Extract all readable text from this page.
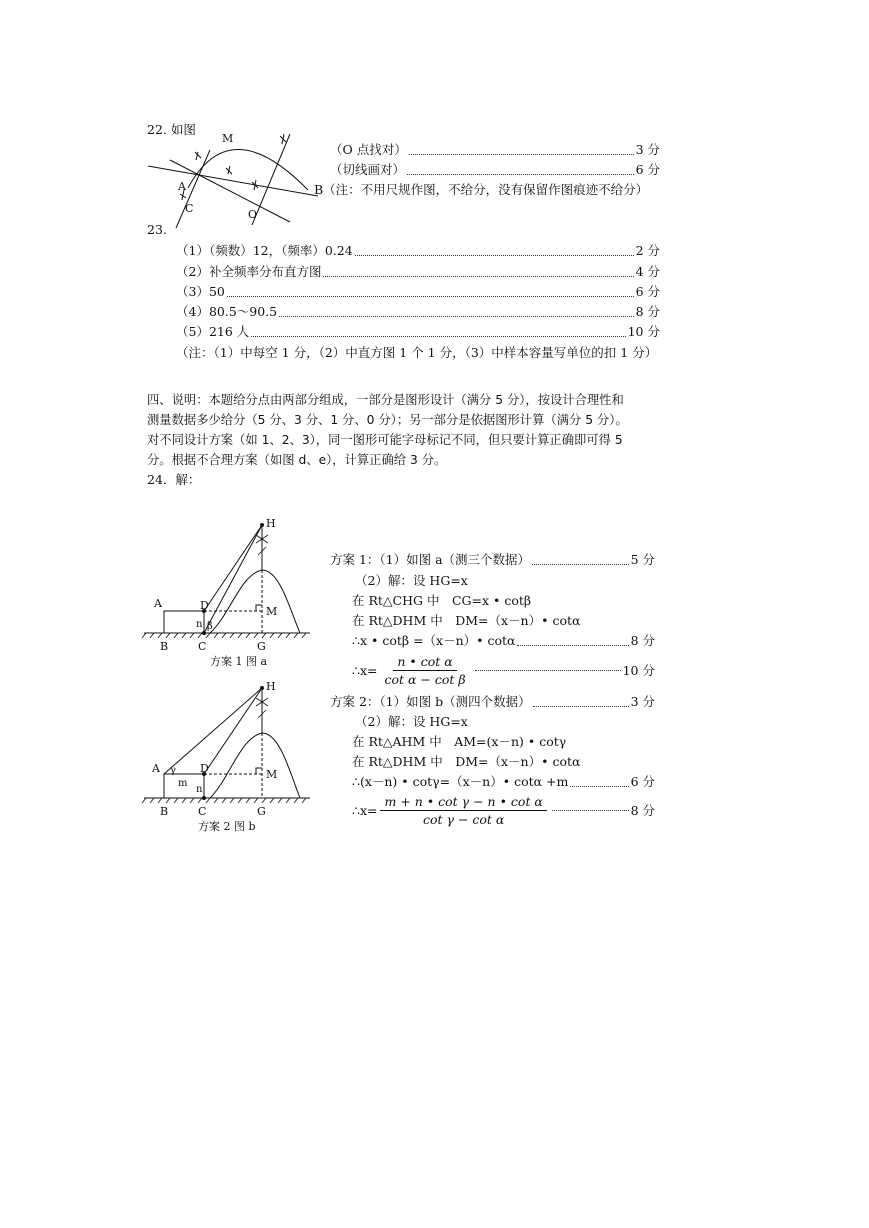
22. 如图
M
A
C	O
（O 点找对）	3 分
（切线画对）	6 分
B（注：不用尺规作图，不给分，没有保留作图痕迹不给分）
23.
（1）（频数）12，（频率）0.24	2 分
（2）补全频率分布直方图	4 分
（3）50	6 分
（4）80.5～90.5	8 分
（5）216 人	10 分
（注：（1）中每空 1 分，（2）中直方图 1 个 1 分，（3）中样本容量写单位的扣 1 分）
四、说明：本题给分点由两部分组成，一部分是图形设计（满分 5 分），按设计合理性和
测量数据多少给分（5 分、3 分、1 分、0 分）；另一部分是依据图形计算（满分 5 分）。
对不同设计方案（如 1、2、3），同一图形可能字母标记不同，但只要计算正确即可得 5
分。根据不合理方案（如图 d、e），计算正确给 3 分。
24．解：
H
A	D	M
n β
B	C	G
方案 1 图 a
H
A	D	M
m
n
γ
B	C	G
方案 2 图 b
方案 1：（1）如图 a（测三个数据）	5 分
（2）解：设 HG=x
在 Rt△CHG 中　CG=x • cotβ
在 Rt△DHM 中　DM=（x－n）• cotα
∴x • cotβ =（x－n）• cotα	8 分
∴x= $\frac{\text{n • cot α}}{\text{cot α − cot β}}$	10 分
方案 2：（1）如图 b（测四个数据）	3 分
（2）解：设 HG=x
在 Rt△AHM 中　AM=(x－n) • cotγ
在 Rt△DHM 中　DM=（x－n）• cotα
∴(x－n) • cotγ=（x－n）• cotα +m	6 分
∴x= $\frac{\text{m + n • cot γ − n • cot α}}{\text{cot γ − cot α}}$	8 分
